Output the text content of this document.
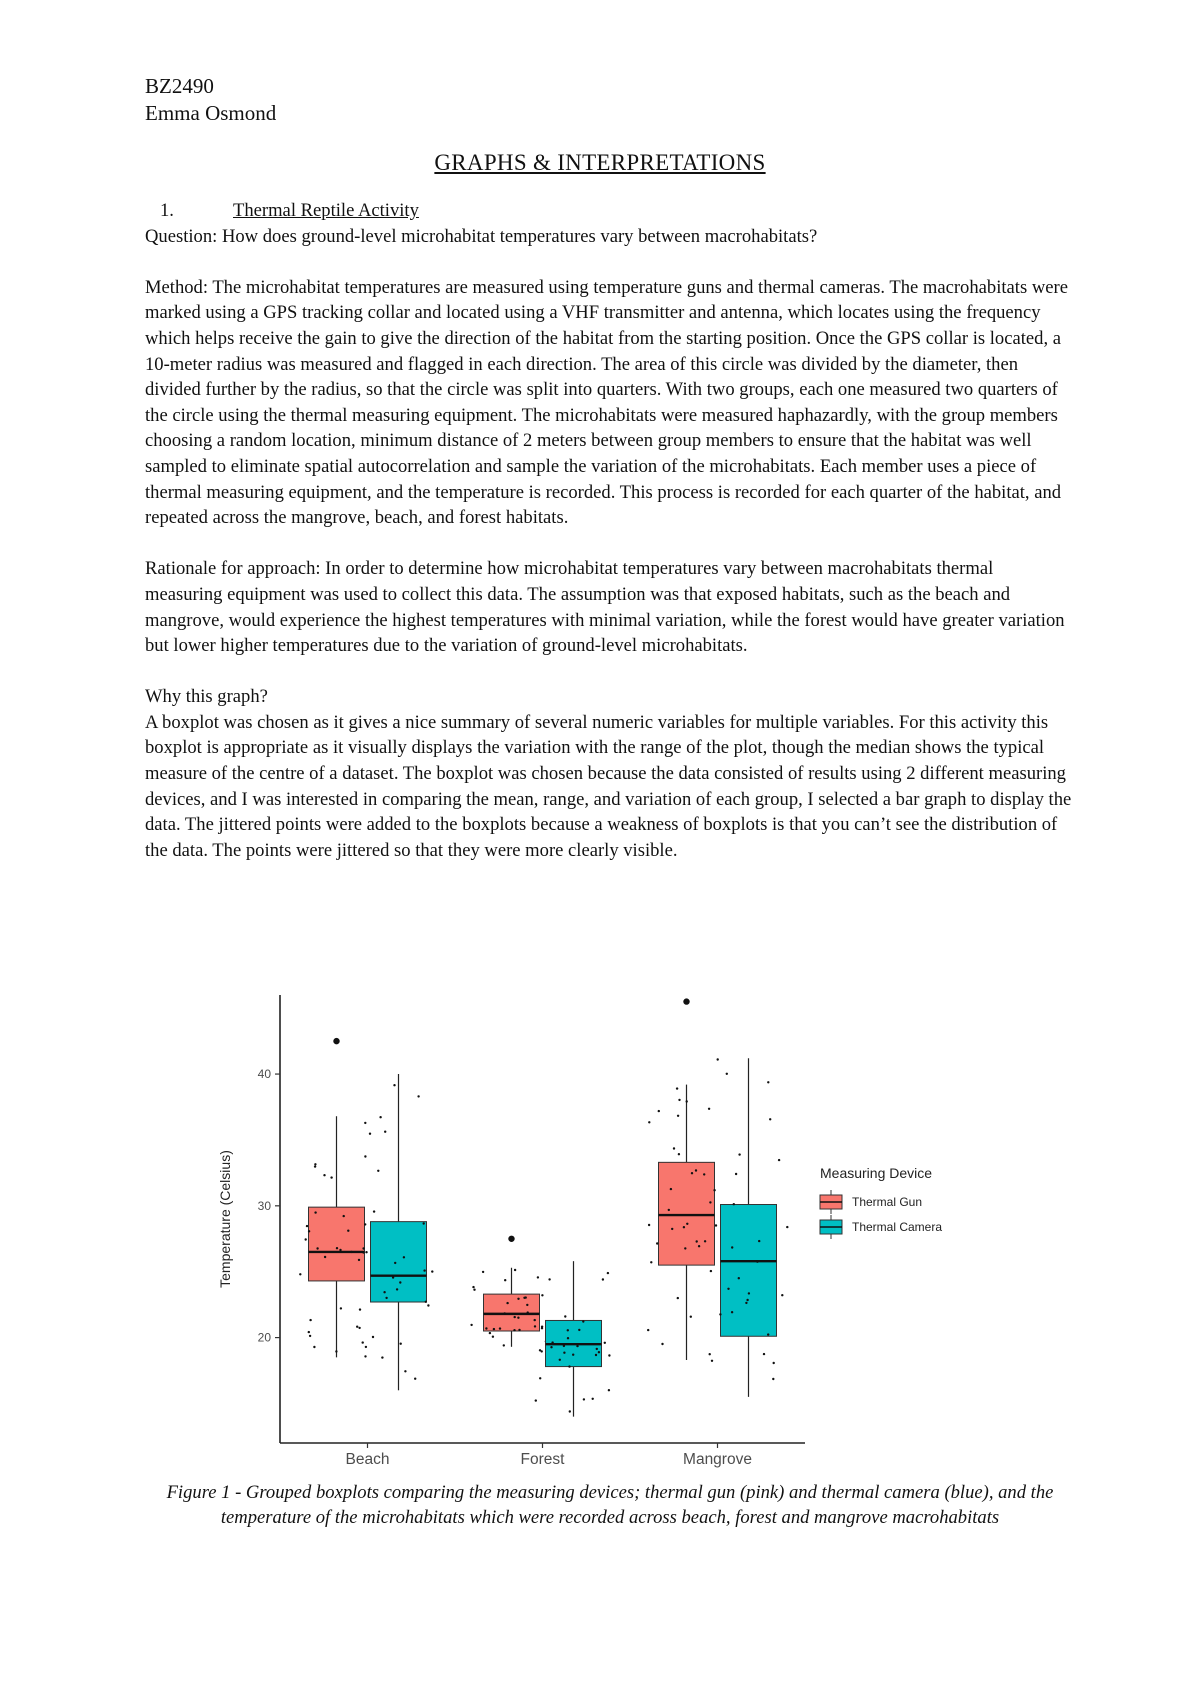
BZ2490
Emma Osmond
GRAPHS & INTERPRETATIONS
1.	Thermal Reptile Activity

Question: How does ground-level microhabitat temperatures vary between macrohabitats?

Method: The microhabitat temperatures are measured using temperature guns and thermal cameras. The macrohabitats were marked using a GPS tracking collar and located using a VHF transmitter and antenna, which locates using the frequency which helps receive the gain to give the direction of the habitat from the starting position. Once the GPS collar is located, a 10-meter radius was measured and flagged in each direction. The area of this circle was divided by the diameter, then divided further by the radius, so that the circle was split into quarters. With two groups, each one measured two quarters of the circle using the thermal measuring equipment. The microhabitats were measured haphazardly, with the group members choosing a random location, minimum distance of 2 meters between group members to ensure that the habitat was well sampled to eliminate spatial autocorrelation and sample the variation of the microhabitats. Each member uses a piece of thermal measuring equipment, and the temperature is recorded. This process is recorded for each quarter of the habitat, and repeated across the mangrove, beach, and forest habitats.

Rationale for approach: In order to determine how microhabitat temperatures vary between macrohabitats thermal measuring equipment was used to collect this data. The assumption was that exposed habitats, such as the beach and mangrove, would experience the highest temperatures with minimal variation, while the forest would have greater variation but lower higher temperatures due to the variation of ground-level microhabitats.

Why this graph?

A boxplot was chosen as it gives a nice summary of several numeric variables for multiple variables. For this activity this boxplot is appropriate as it visually displays the variation with the range of the plot, though the median shows the typical measure of the centre of a dataset. The boxplot was chosen because the data consisted of results using 2 different measuring devices, and I was interested in comparing the mean, range, and variation of each group, I selected a bar graph to display the data. The jittered points were added to the boxplots because a weakness of boxplots is that you can’t see the distribution of the data. The points were jittered so that they were more clearly visible.

20
30
40
Temperature (Celsius)
Beach	Forest	Mangrove
Measuring Device
Thermal Gun
Thermal Camera
Figure 1 - Grouped boxplots comparing the measuring devices; thermal gun (pink) and thermal camera (blue), and the temperature of the microhabitats which were recorded across beach, forest and mangrove macrohabitats
